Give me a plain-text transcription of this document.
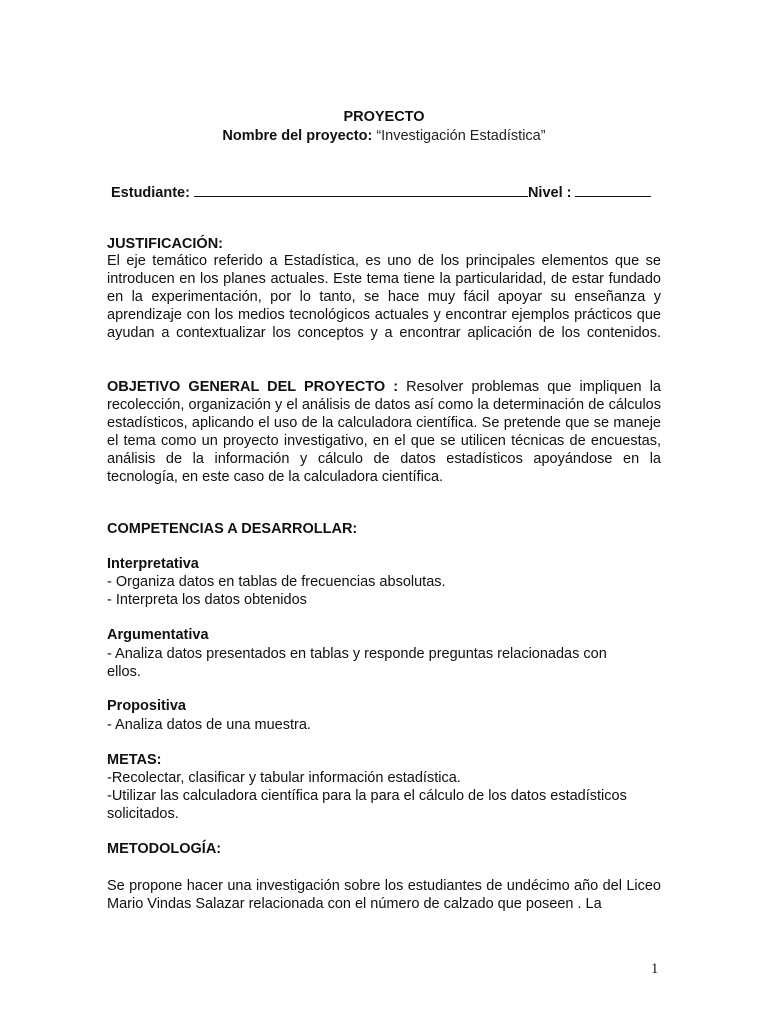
PROYECTO
Nombre del proyecto: “Investigación Estadística”
Estudiante:	Nivel :
JUSTIFICACIÓN:
El eje temático referido a Estadística, es uno de los principales elementos que se introducen en los planes actuales. Este tema tiene la particularidad, de estar fundado en la experimentación, por lo tanto, se hace muy fácil apoyar su enseñanza y aprendizaje con los medios tecnológicos actuales y encontrar ejemplos prácticos que ayudan a contextualizar los conceptos y a encontrar aplicación de los contenidos.
OBJETIVO GENERAL DEL PROYECTO : Resolver problemas que impliquen la recolección, organización y el análisis de datos así como la determinación de cálculos estadísticos, aplicando el uso de la calculadora científica. Se pretende que se maneje el tema como un proyecto investigativo, en el que se utilicen técnicas de encuestas, análisis de la información y cálculo de datos estadísticos apoyándose en la tecnología, en este caso de la calculadora científica.
COMPETENCIAS A DESARROLLAR:
Interpretativa
- Organiza datos en tablas de frecuencias absolutas.
- Interpreta los datos obtenidos
Argumentativa
- Analiza datos presentados en tablas y responde preguntas relacionadas con ellos.
Propositiva
- Analiza datos de una muestra.
METAS:
-Recolectar, clasificar y tabular información estadística.
-Utilizar las calculadora científica para la para el cálculo de los datos estadísticos solicitados.
METODOLOGÍA:
Se propone hacer una investigación sobre los estudiantes de undécimo año del Liceo Mario Vindas Salazar relacionada con el número de calzado que poseen . La
1
